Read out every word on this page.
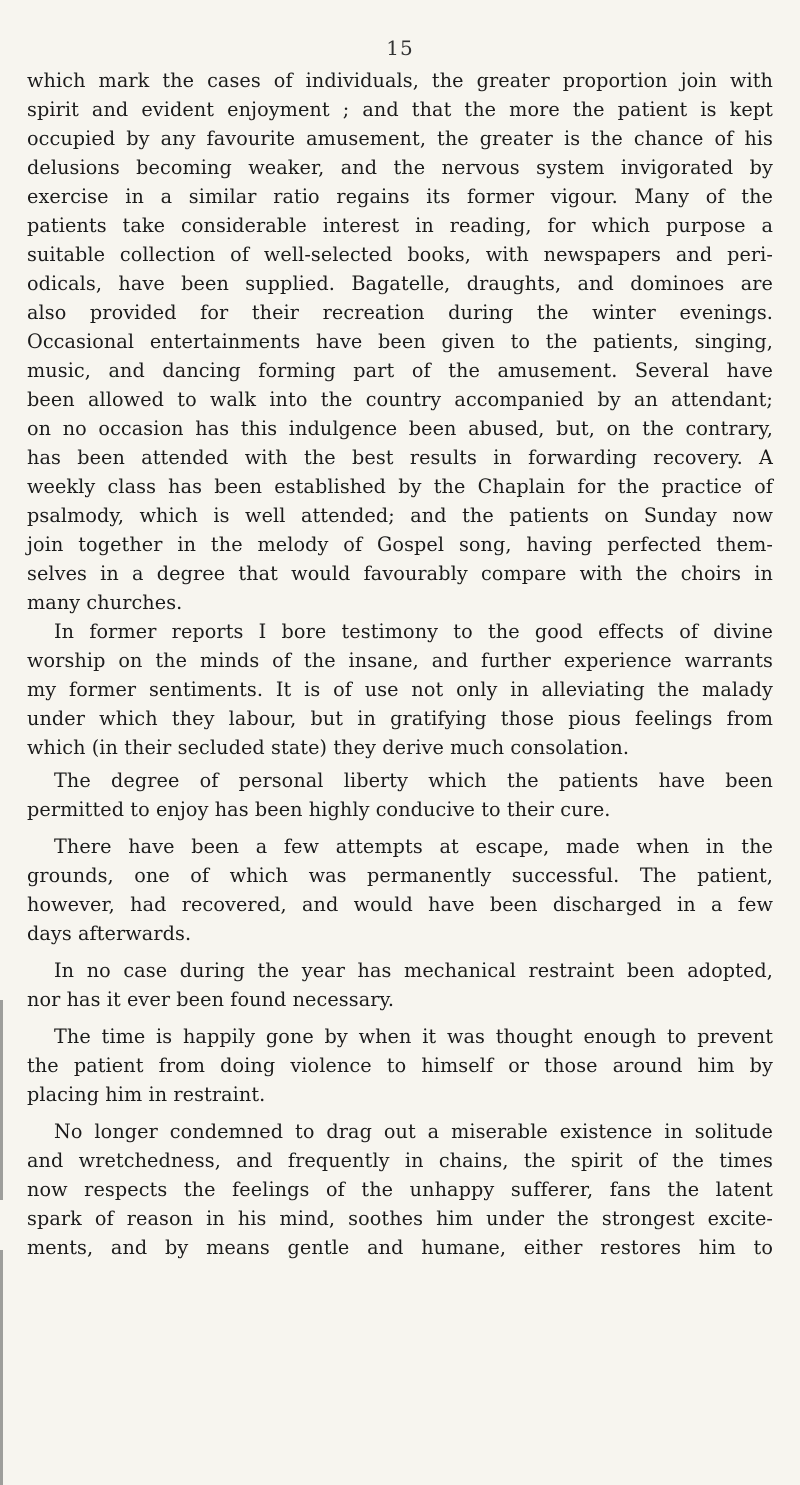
15
which mark the cases of individuals, the greater proportion join with
spirit and evident enjoyment ; and that the more the patient is kept
occupied by any favourite amusement, the greater is the chance of his
delusions becoming weaker, and the nervous system invigorated by
exercise in a similar ratio regains its former vigour. Many of the
patients take considerable interest in reading, for which purpose a
suitable collection of well-selected books, with newspapers and peri-
odicals, have been supplied. Bagatelle, draughts, and dominoes are
also provided for their recreation during the winter evenings.
Occasional entertainments have been given to the patients, singing,
music, and dancing forming part of the amusement. Several have
been allowed to walk into the country accompanied by an attendant;
on no occasion has this indulgence been abused, but, on the contrary,
has been attended with the best results in forwarding recovery. A
weekly class has been established by the Chaplain for the practice of
psalmody, which is well attended; and the patients on Sunday now
join together in the melody of Gospel song, having perfected them-
selves in a degree that would favourably compare with the choirs in
many churches.
In former reports I bore testimony to the good effects of divine
worship on the minds of the insane, and further experience warrants
my former sentiments. It is of use not only in alleviating the malady
under which they labour, but in gratifying those pious feelings from
which (in their secluded state) they derive much consolation.
The degree of personal liberty which the patients have been
permitted to enjoy has been highly conducive to their cure.
There have been a few attempts at escape, made when in the
grounds, one of which was permanently successful. The patient,
however, had recovered, and would have been discharged in a few
days afterwards.
In no case during the year has mechanical restraint been adopted,
nor has it ever been found necessary.
The time is happily gone by when it was thought enough to prevent
the patient from doing violence to himself or those around him by
placing him in restraint.
No longer condemned to drag out a miserable existence in solitude
and wretchedness, and frequently in chains, the spirit of the times
now respects the feelings of the unhappy sufferer, fans the latent
spark of reason in his mind, soothes him under the strongest excite-
ments, and by means gentle and humane, either restores him to
